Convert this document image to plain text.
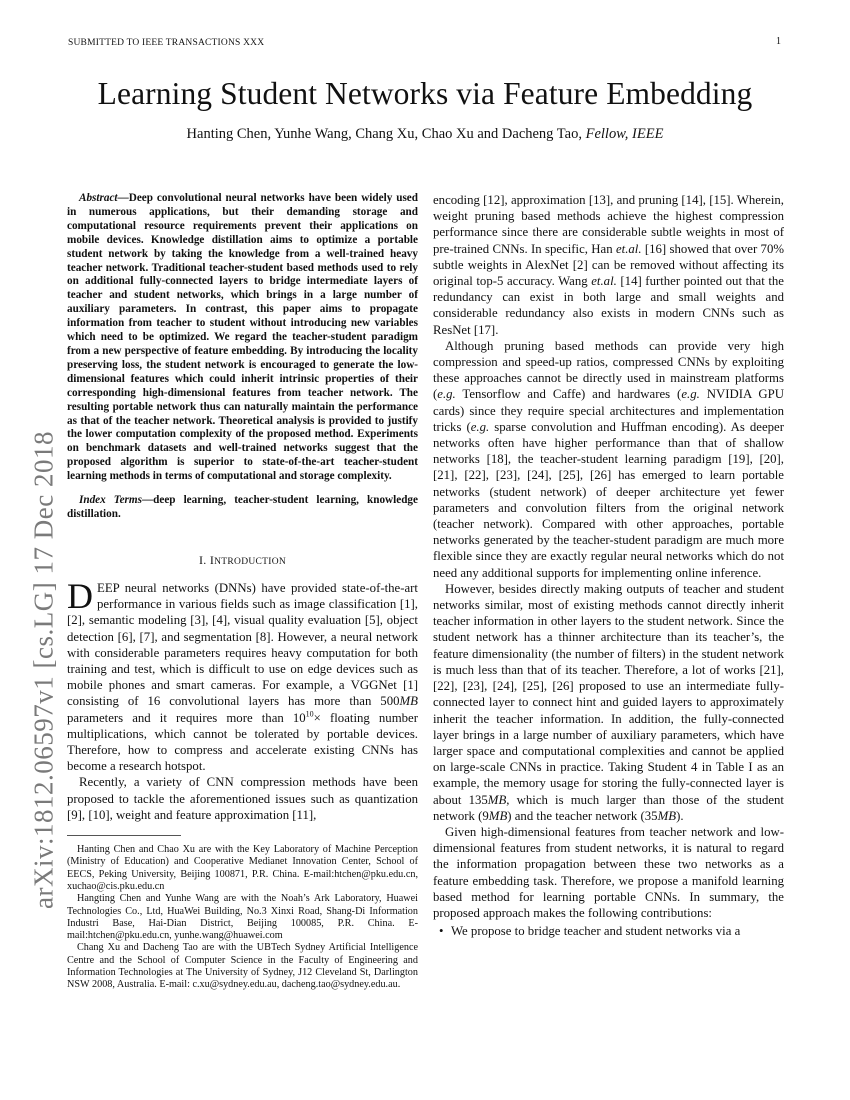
SUBMITTED TO IEEE TRANSACTIONS XXX	1
arXiv:1812.06597v1 [cs.LG] 17 Dec 2018
Learning Student Networks via Feature Embedding
Hanting Chen, Yunhe Wang, Chang Xu, Chao Xu and Dacheng Tao, Fellow, IEEE

Abstract—Deep convolutional neural networks have been widely used in numerous applications, but their demanding storage and computational resource requirements prevent their applications on mobile devices. Knowledge distillation aims to optimize a portable student network by taking the knowledge from a well-trained heavy teacher network. Traditional teacher-student based methods used to rely on additional fully-connected layers to bridge intermediate layers of teacher and student networks, which brings in a large number of auxiliary parameters. In contrast, this paper aims to propagate information from teacher to student without introducing new variables which need to be optimized. We regard the teacher-student paradigm from a new perspective of feature embedding. By introducing the locality preserving loss, the student network is encouraged to generate the low-dimensional features which could inherit intrinsic properties of their corresponding high-dimensional features from teacher network. The resulting portable network thus can naturally maintain the performance as that of the teacher network. Theoretical analysis is provided to justify the lower computation complexity of the proposed method. Experiments on benchmark datasets and well-trained networks suggest that the proposed algorithm is superior to state-of-the-art teacher-student learning methods in terms of computational and storage complexity.

Index Terms—deep learning, teacher-student learning, knowledge distillation.

I. INTRODUCTION

DEEP neural networks (DNNs) have provided state-of-the-art performance in various fields such as image classification [1], [2], semantic modeling [3], [4], visual quality evaluation [5], object detection [6], [7], and segmentation [8]. However, a neural network with considerable parameters requires heavy computation for both training and test, which is difficult to use on edge devices such as mobile phones and smart cameras. For example, a VGGNet [1] consisting of 16 convolutional layers has more than 500MB parameters and it requires more than $10^{10}\times$ floating number multiplications, which cannot be tolerated by portable devices. Therefore, how to compress and accelerate existing CNNs has become a research hotspot.

Recently, a variety of CNN compression methods have been proposed to tackle the aforementioned issues such as quantization [9], [10], weight and feature approximation [11],

Hanting Chen and Chao Xu are with the Key Laboratory of Machine Perception (Ministry of Education) and Cooperative Medianet Innovation Center, School of EECS, Peking University, Beijing 100871, P.R. China. E-mail:htchen@pku.edu.cn, xuchao@cis.pku.edu.cn

Hangting Chen and Yunhe Wang are with the Noah’s Ark Laboratory, Huawei Technologies Co., Ltd, HuaWei Building, No.3 Xinxi Road, Shang-Di Information Industri Base, Hai-Dian District, Beijing 100085, P.R. China. E-mail:htchen@pku.edu.cn, yunhe.wang@huawei.com

Chang Xu and Dacheng Tao are with the UBTech Sydney Artificial Intelligence Centre and the School of Computer Science in the Faculty of Engineering and Information Technologies at The University of Sydney, J12 Cleveland St, Darlington NSW 2008, Australia. E-mail: c.xu@sydney.edu.au, dacheng.tao@sydney.edu.au.

encoding [12], approximation [13], and pruning [14], [15]. Wherein, weight pruning based methods achieve the highest compression performance since there are considerable subtle weights in most of pre-trained CNNs. In specific, Han et.al. [16] showed that over 70% subtle weights in AlexNet [2] can be removed without affecting its original top-5 accuracy. Wang et.al. [14] further pointed out that the redundancy can exist in both large and small weights and considerable redundancy also exists in modern CNNs such as ResNet [17].

Although pruning based methods can provide very high compression and speed-up ratios, compressed CNNs by exploiting these approaches cannot be directly used in mainstream platforms (e.g. Tensorflow and Caffe) and hardwares (e.g. NVIDIA GPU cards) since they require special architectures and implementation tricks (e.g. sparse convolution and Huffman encoding). As deeper networks often have higher performance than that of shallow networks [18], the teacher-student learning paradigm [19], [20], [21], [22], [23], [24], [25], [26] has emerged to learn portable networks (student network) of deeper architecture yet fewer parameters and convolution filters from the original network (teacher network). Compared with other approaches, portable networks generated by the teacher-student paradigm are much more flexible since they are exactly regular neural networks which do not need any additional supports for implementing online inference.

However, besides directly making outputs of teacher and student networks similar, most of existing methods cannot directly inherit teacher information in other layers to the student network. Since the student network has a thinner architecture than its teacher’s, the feature dimensionality (the number of filters) in the student network is much less than that of its teacher. Therefore, a lot of works [21], [22], [23], [24], [25], [26] proposed to use an intermediate fully-connected layer to connect hint and guided layers to approximately inherit the teacher information. In addition, the fully-connected layer brings in a large number of auxiliary parameters, which have larger space and computational complexities and cannot be applied on large-scale CNNs in practice. Taking Student 4 in Table I as an example, the memory usage for storing the fully-connected layer is about 135MB, which is much larger than those of the student network (9MB) and the teacher network (35MB).

Given high-dimensional features from teacher network and low-dimensional features from student networks, it is natural to regard the information propagation between these two networks as a feature embedding task. Therefore, we propose a manifold learning based method for learning portable CNNs. In summary, the proposed approach makes the following contributions:

• We propose to bridge teacher and student networks via a
